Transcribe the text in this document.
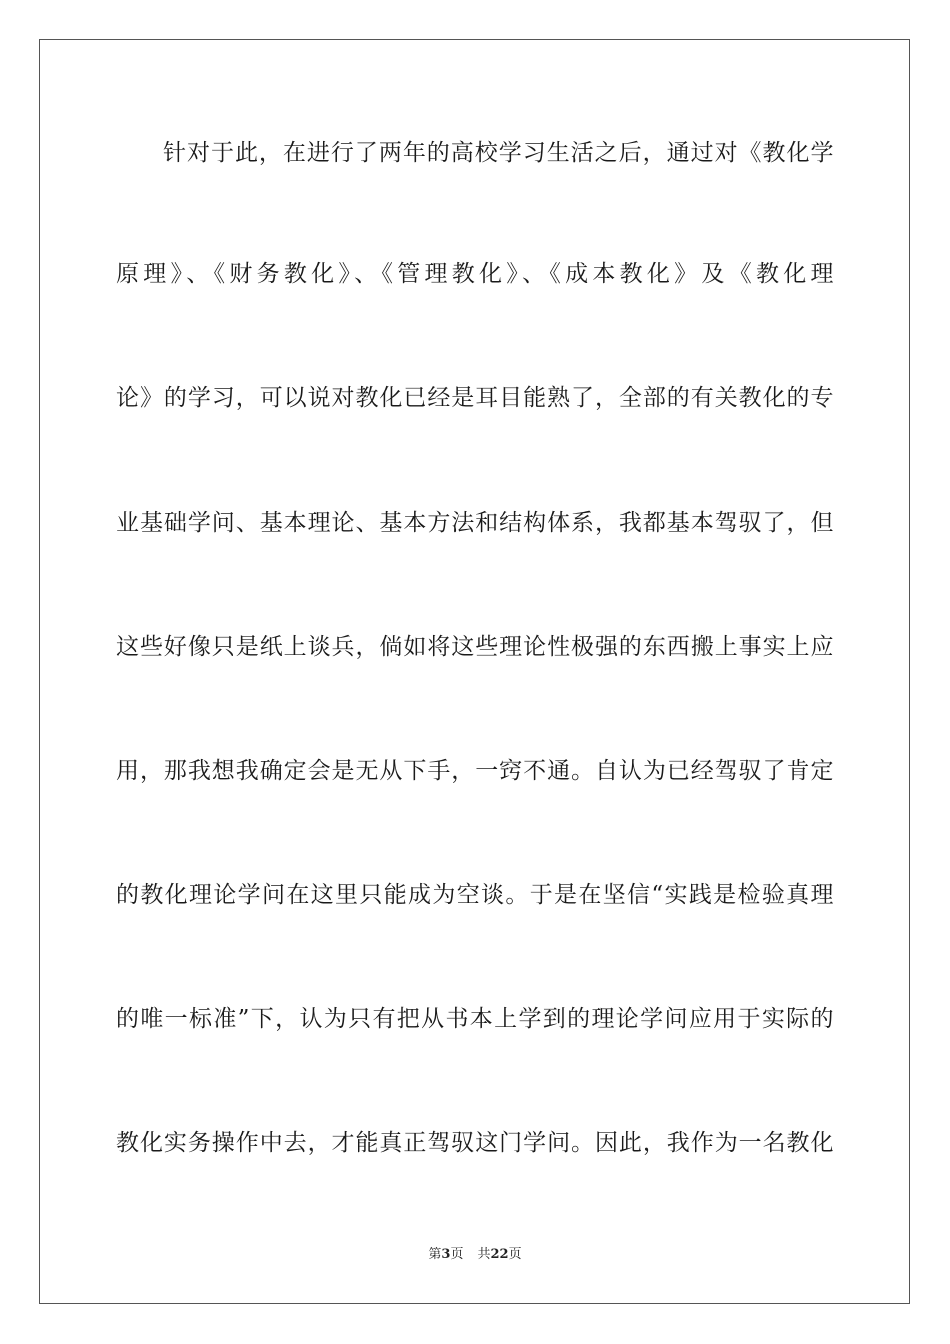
针对于此，在进行了两年的高校学习生活之后，通过对《教化学
原理》、《财务教化》、《管理教化》、《成本教化》及《教化理
论》的学习，可以说对教化已经是耳目能熟了，全部的有关教化的专
业基础学问、基本理论、基本方法和结构体系，我都基本驾驭了，但
这些好像只是纸上谈兵，倘如将这些理论性极强的东西搬上事实上应
用，那我想我确定会是无从下手，一窍不通。自认为已经驾驭了肯定
的教化理论学问在这里只能成为空谈。于是在坚信“实践是检验真理
的唯一标准”下，认为只有把从书本上学到的理论学问应用于实际的
教化实务操作中去，才能真正驾驭这门学问。因此，我作为一名教化
第3页 共22页
